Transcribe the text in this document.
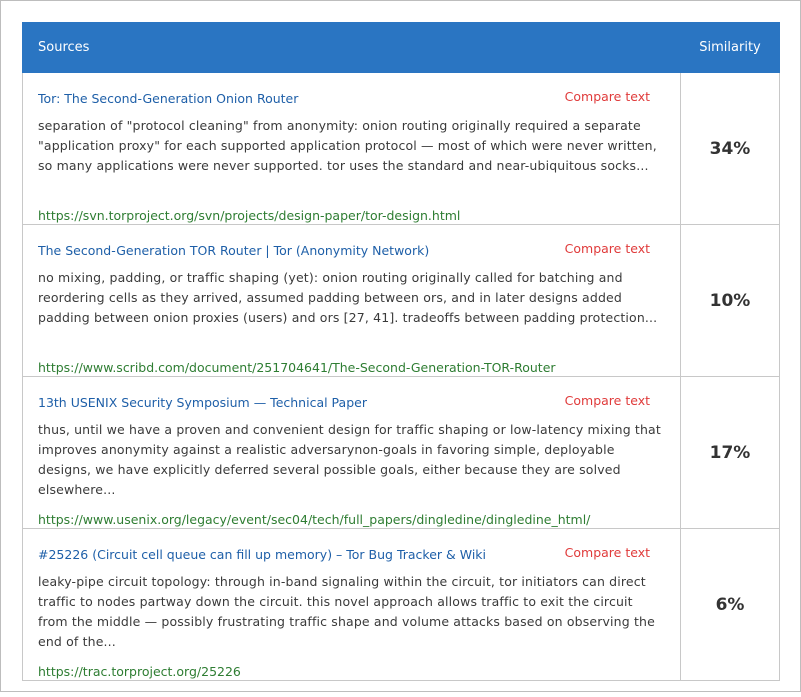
Sources	Similarity

Tor: The Second-Generation Onion Router Compare text
separation of "protocol cleaning" from anonymity: onion routing originally required a separate "application proxy" for each supported application protocol — most of which were never written, so many applications were never supported. tor uses the standard and near-ubiquitous socks...
https://svn.torproject.org/svn/projects/design-paper/tor-design.html	34%

The Second-Generation TOR Router | Tor (Anonymity Network) Compare text
no mixing, padding, or traffic shaping (yet): onion routing originally called for batching and reordering cells as they arrived, assumed padding between ors, and in later designs added padding between onion proxies (users) and ors [27, 41]. tradeoffs between padding protection...
https://www.scribd.com/document/251704641/The-Second-Generation-TOR-Router	10%

13th USENIX Security Symposium — Technical Paper Compare text
thus, until we have a proven and convenient design for traffic shaping or low-latency mixing that improves anonymity against a realistic adversarynon-goals in favoring simple, deployable designs, we have explicitly deferred several possible goals, either because they are solved elsewhere...
https://www.usenix.org/legacy/event/sec04/tech/full_papers/dingledine/dingledine_html/	17%

#25226 (Circuit cell queue can fill up memory) – Tor Bug Tracker & Wiki Compare text
leaky-pipe circuit topology: through in-band signaling within the circuit, tor initiators can direct traffic to nodes partway down the circuit. this novel approach allows traffic to exit the circuit from the middle — possibly frustrating traffic shape and volume attacks based on observing the end of the...
https://trac.torproject.org/25226	6%
